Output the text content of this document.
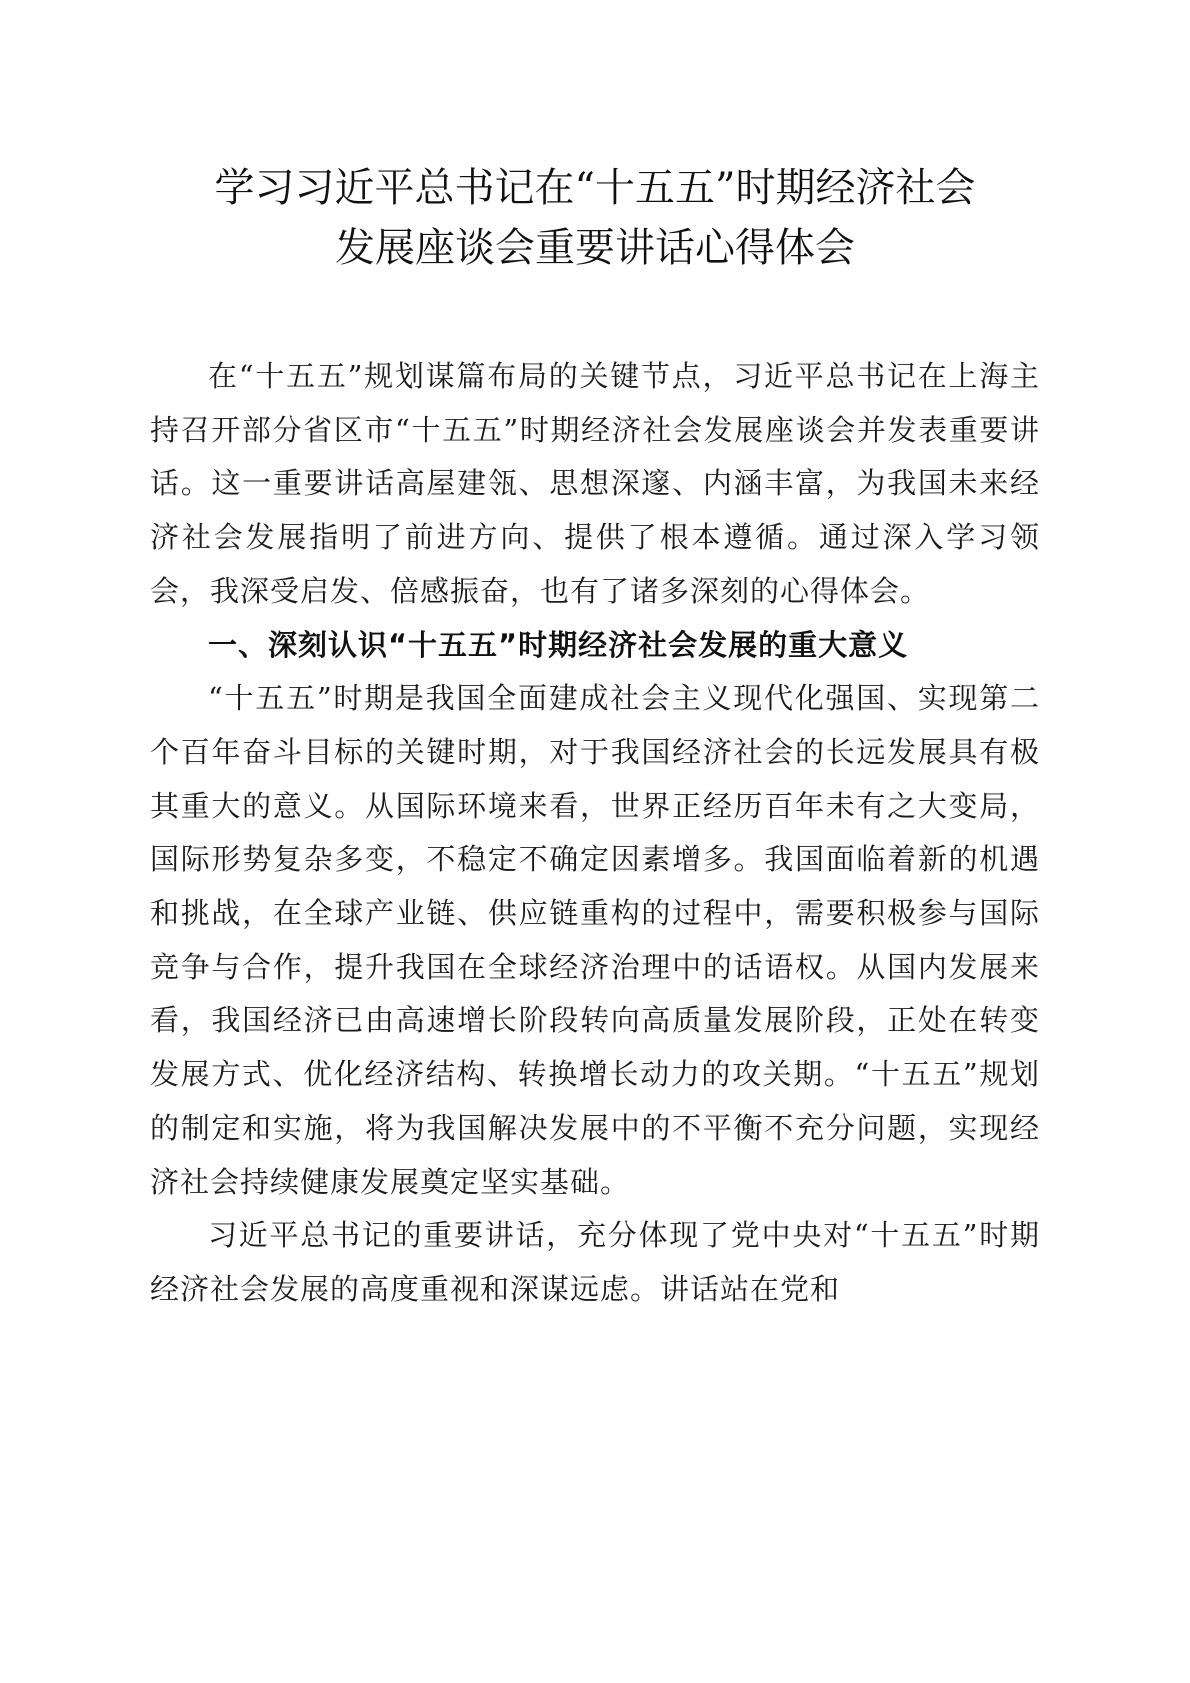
学习习近平总书记在“十五五”时期经济社会
发展座谈会重要讲话心得体会

在“十五五”规划谋篇布局的关键节点，习近平总书记在上海主持召开部分省区市“十五五”时期经济社会发展座谈会并发表重要讲话。这一重要讲话高屋建瓴、思想深邃、内涵丰富，为我国未来经济社会发展指明了前进方向、提供了根本遵循。通过深入学习领会，我深受启发、倍感振奋，也有了诸多深刻的心得体会。

一、深刻认识“十五五”时期经济社会发展的重大意义

“十五五”时期是我国全面建成社会主义现代化强国、实现第二个百年奋斗目标的关键时期，对于我国经济社会的长远发展具有极其重大的意义。从国际环境来看，世界正经历百年未有之大变局，国际形势复杂多变，不稳定不确定因素增多。我国面临着新的机遇和挑战，在全球产业链、供应链重构的过程中，需要积极参与国际竞争与合作，提升我国在全球经济治理中的话语权。从国内发展来看，我国经济已由高速增长阶段转向高质量发展阶段，正处在转变发展方式、优化经济结构、转换增长动力的攻关期。“十五五”规划的制定和实施，将为我国解决发展中的不平衡不充分问题，实现经济社会持续健康发展奠定坚实基础。

习近平总书记的重要讲话，充分体现了党中央对“十五五”时期经济社会发展的高度重视和深谋远虑。讲话站在党和
